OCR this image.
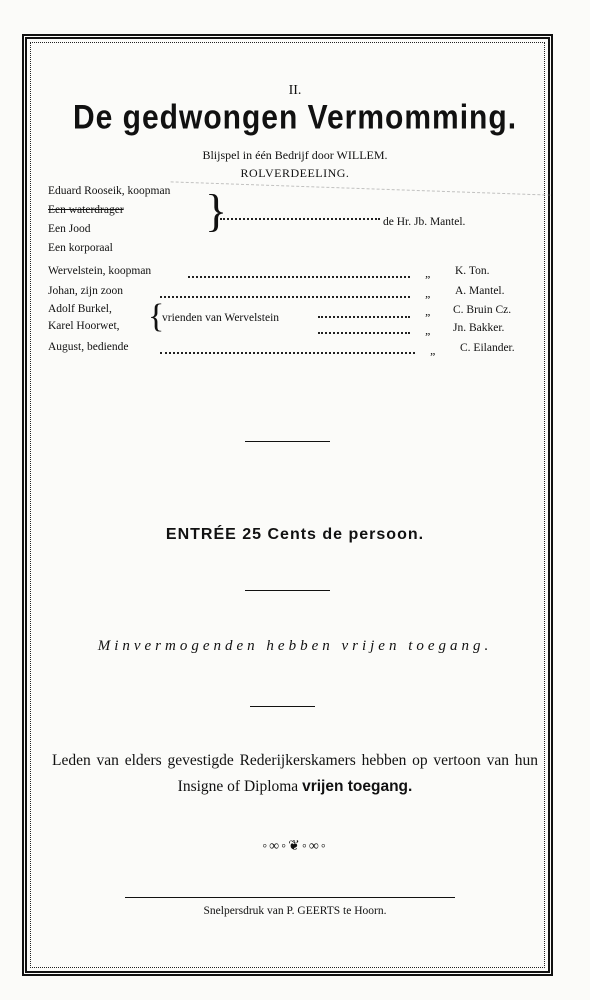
II.
De gedwongen Vermomming.
Blijspel in één Bedrijf door WILLEM.
ROLVERDEELING.
Eduard Rooseik, koopman
Een waterdrager
Een Jood
Een korporaal
}	de Hr. Jb. Mantel.
Wervelstein, koopman	„ K. Ton.
Johan, zijn zoon	„ A. Mantel.
Adolf Burkel,
Karel Hoorwet, {
vrienden van Wervelstein	„ C. Bruin Cz.
„ Jn. Bakker.
August, bediende	„ C. Eilander.
ENTRÉE 25 Cents de persoon.
Minvermogenden hebben vrijen toegang.
Leden van elders gevestigde Rederijkerskamers hebben op vertoon van hun Insigne of Diploma vrijen toegang.
◦∞◦❦◦∞◦
Snelpersdruk van P. GEERTS te Hoorn.
